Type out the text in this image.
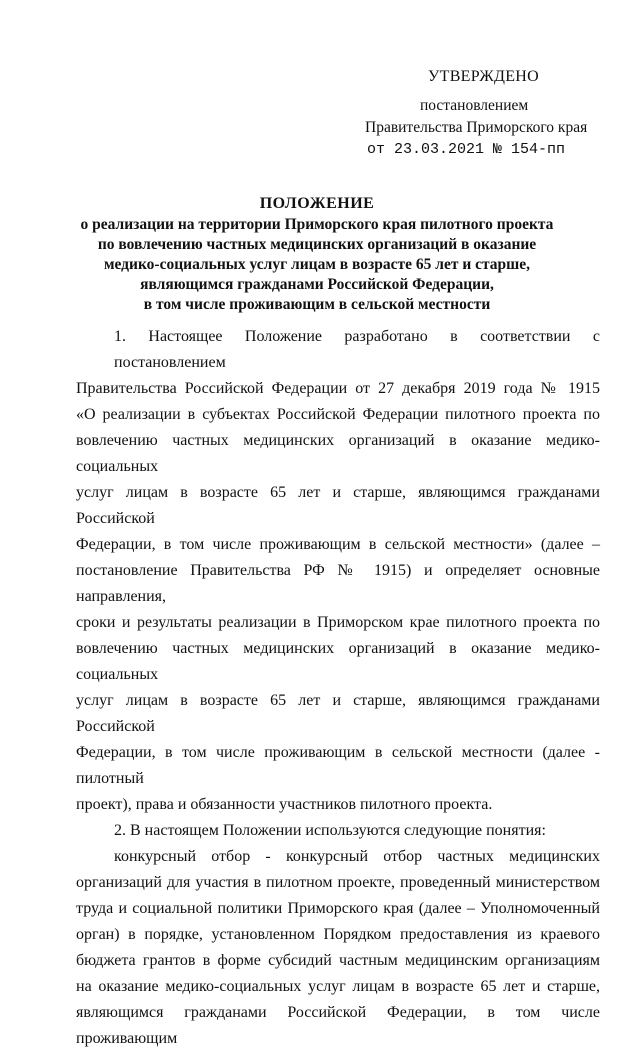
УТВЕРЖДЕНО
постановлением
Правительства Приморского края
от 23.03.2021 № 154-пп
ПОЛОЖЕНИЕ
о реализации на территории Приморского края пилотного проекта
по вовлечению частных медицинских организаций в оказание
медико-социальных услуг лицам в возрасте 65 лет и старше,
являющимся гражданами Российской Федерации,
в том числе проживающим в сельской местности
1. Настоящее Положение разработано в соответствии с постановлением
Правительства Российской Федерации от 27 декабря 2019 года № 1915
«О реализации в субъектах Российской Федерации пилотного проекта по
вовлечению частных медицинских организаций в оказание медико-социальных
услуг лицам в возрасте 65 лет и старше, являющимся гражданами Российской
Федерации, в том числе проживающим в сельской местности» (далее –
постановление Правительства РФ № 1915) и определяет основные направления,
сроки и результаты реализации в Приморском крае пилотного проекта по
вовлечению частных медицинских организаций в оказание медико-социальных
услуг лицам в возрасте 65 лет и старше, являющимся гражданами Российской
Федерации, в том числе проживающим в сельской местности (далее - пилотный
проект), права и обязанности участников пилотного проекта.
2. В настоящем Положении используются следующие понятия:
конкурсный отбор - конкурсный отбор частных медицинских
организаций для участия в пилотном проекте, проведенный министерством
труда и социальной политики Приморского края (далее – Уполномоченный
орган) в порядке, установленном Порядком предоставления из краевого
бюджета грантов в форме субсидий частным медицинским организациям
на оказание медико-социальных услуг лицам в возрасте 65 лет и старше,
являющимся гражданами Российской Федерации, в том числе проживающим
